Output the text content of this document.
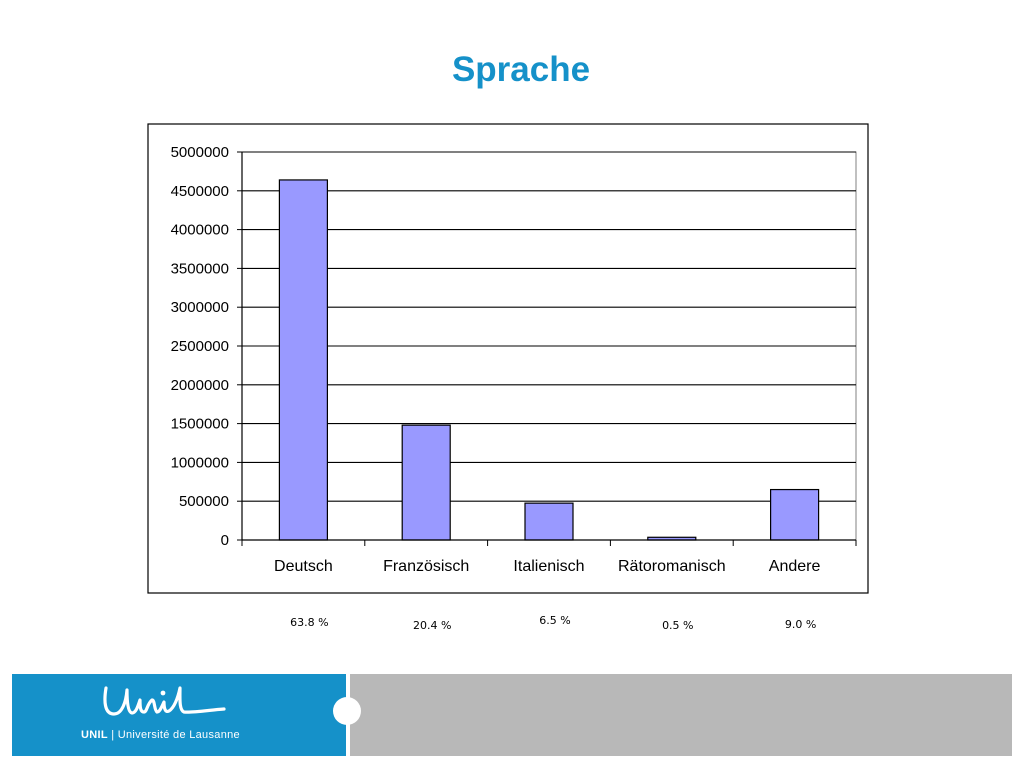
Sprache
0
500000
1000000
1500000
2000000
2500000
3000000
3500000
4000000
4500000
5000000
Deutsch	Französisch	Italienisch Rätoromanisch	Andere
63.8 %	20.4 %	6.5 %	0.5 %	9.0 %
UNIL | Université de Lausanne
